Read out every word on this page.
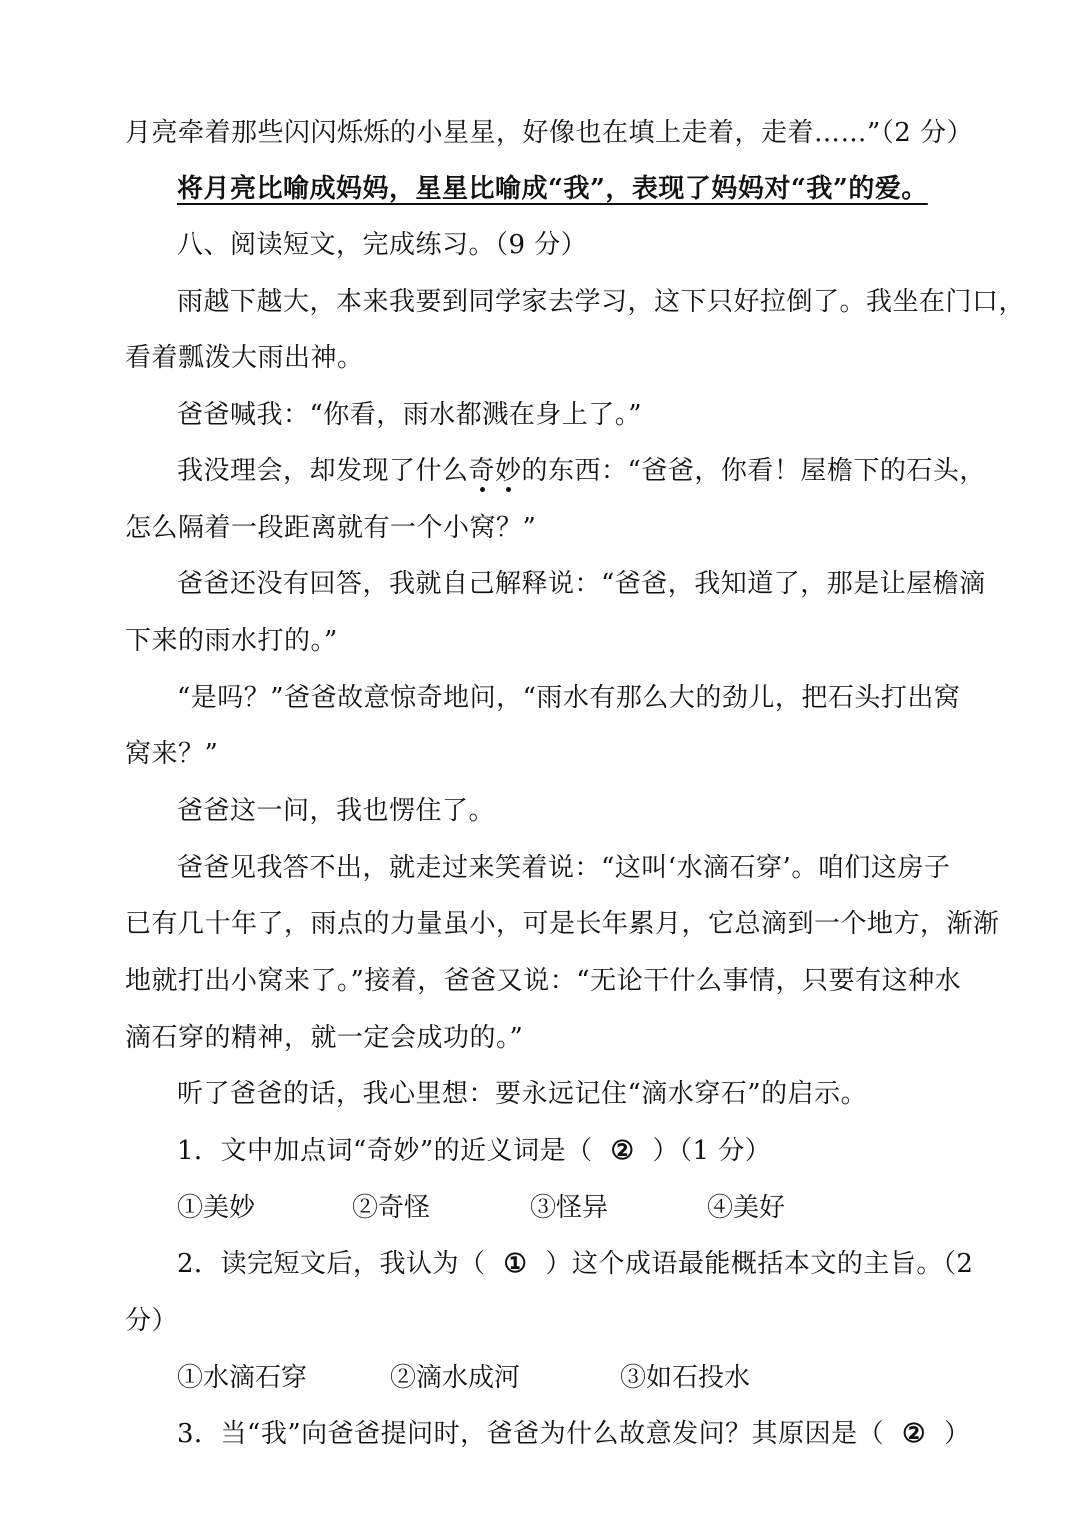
月亮牵着那些闪闪烁烁的小星星，好像也在填上走着，走着……”（2 分）
将月亮比喻成妈妈，星星比喻成“我”，表现了妈妈对“我”的爱。
八、阅读短文，完成练习。（9 分）
雨越下越大，本来我要到同学家去学习，这下只好拉倒了。我坐在门口，
看着瓢泼大雨出神。
爸爸喊我：“你看，雨水都溅在身上了。”
我没理会，却发现了什么奇妙的东西：“爸爸，你看！屋檐下的石头，
怎么隔着一段距离就有一个小窝？”
爸爸还没有回答，我就自己解释说：“爸爸，我知道了，那是让屋檐滴
下来的雨水打的。”
“是吗？”爸爸故意惊奇地问，“雨水有那么大的劲儿，把石头打出窝
窝来？”
爸爸这一问，我也愣住了。
爸爸见我答不出，就走过来笑着说：“这叫‘水滴石穿’。咱们这房子
已有几十年了，雨点的力量虽小，可是长年累月，它总滴到一个地方，渐渐
地就打出小窝来了。”接着，爸爸又说：“无论干什么事情，只要有这种水
滴石穿的精神，就一定会成功的。”
听了爸爸的话，我心里想：要永远记住“滴水穿石”的启示。
1．文中加点词“奇妙”的近义词是（ ② ）（1 分）
①美妙	②奇怪	③怪异	④美好
2．读完短文后，我认为（ ① ）这个成语最能概括本文的主旨。（2
分）
①水滴石穿	②滴水成河	③如石投水
3．当“我”向爸爸提问时，爸爸为什么故意发问？其原因是（ ② ）
